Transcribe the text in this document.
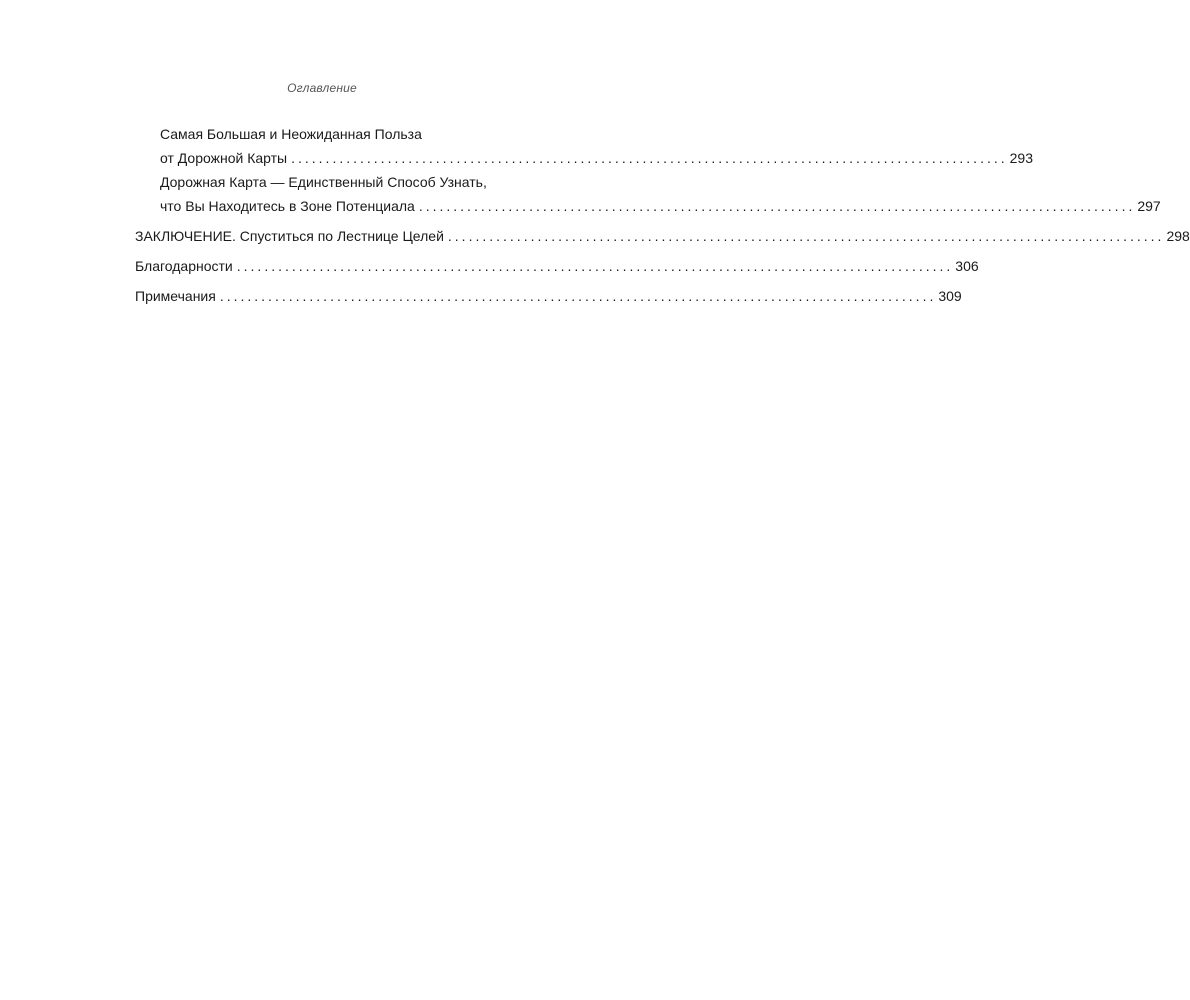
Оглавление
Самая Большая и Неожиданная Польза
от Дорожной Карты ........................................................................................................ 293
Дорожная Карта — Единственный Способ Узнать,
что Вы Находитесь в Зоне Потенциала ........................................................................................................ 297
ЗАКЛЮЧЕНИЕ. Спуститься по Лестнице Целей ........................................................................................................ 298
Благодарности ........................................................................................................ 306
Примечания ........................................................................................................ 309
